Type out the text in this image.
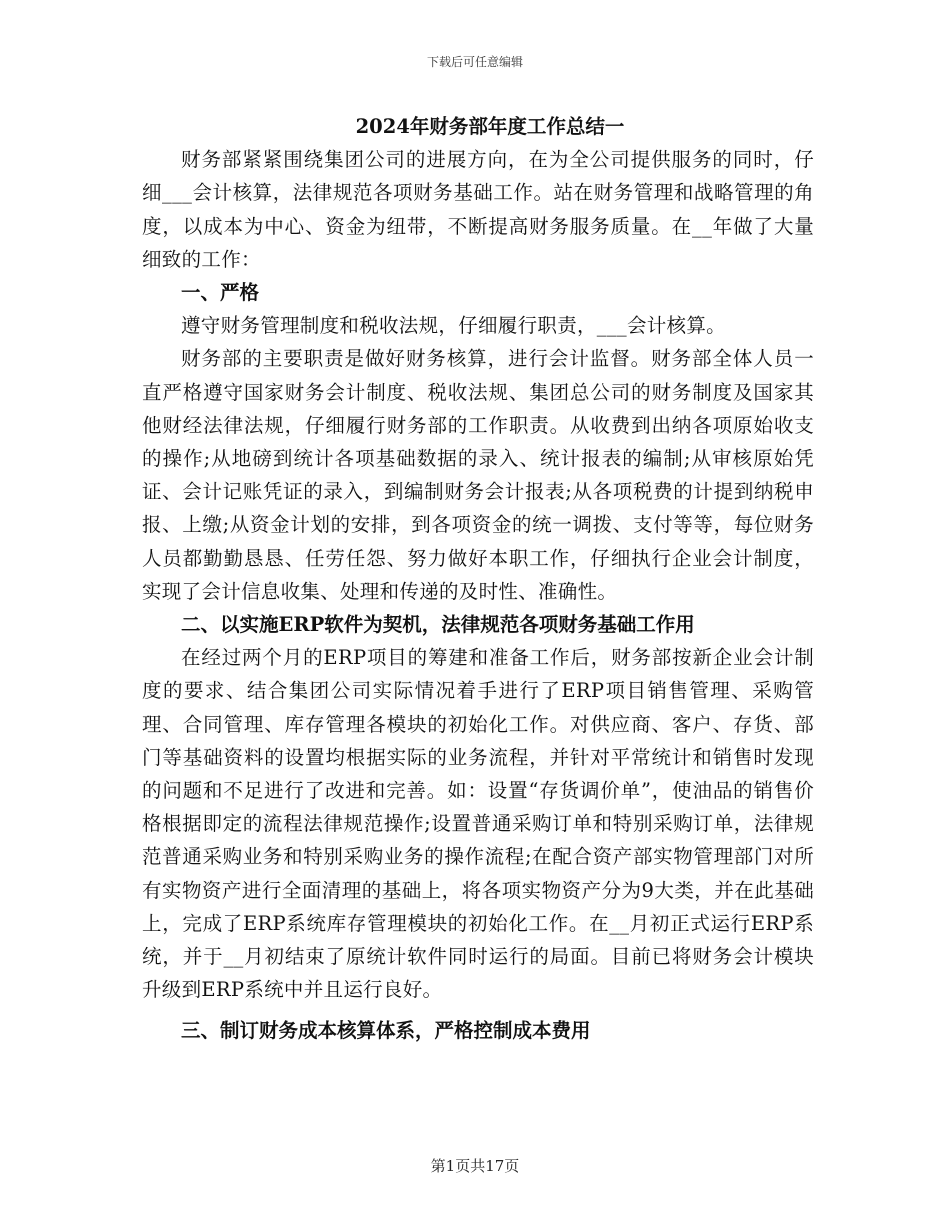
下载后可任意编辑

2024年财务部年度工作总结一

财务部紧紧围绕集团公司的进展方向，在为全公司提供服务的同时，仔细___会计核算，法律规范各项财务基础工作。站在财务管理和战略管理的角度，以成本为中心、资金为纽带，不断提高财务服务质量。在__年做了大量细致的工作：

一、严格

遵守财务管理制度和税收法规，仔细履行职责，___会计核算。

财务部的主要职责是做好财务核算，进行会计监督。财务部全体人员一直严格遵守国家财务会计制度、税收法规、集团总公司的财务制度及国家其他财经法律法规，仔细履行财务部的工作职责。从收费到出纳各项原始收支的操作;从地磅到统计各项基础数据的录入、统计报表的编制;从审核原始凭证、会计记账凭证的录入，到编制财务会计报表;从各项税费的计提到纳税申报、上缴;从资金计划的安排，到各项资金的统一调拨、支付等等，每位财务人员都勤勤恳恳、任劳任怨、努力做好本职工作，仔细执行企业会计制度，实现了会计信息收集、处理和传递的及时性、准确性。

二、以实施ERP软件为契机，法律规范各项财务基础工作用

在经过两个月的ERP项目的筹建和准备工作后，财务部按新企业会计制度的要求、结合集团公司实际情况着手进行了ERP项目销售管理、采购管理、合同管理、库存管理各模块的初始化工作。对供应商、客户、存货、部门等基础资料的设置均根据实际的业务流程，并针对平常统计和销售时发现的问题和不足进行了改进和完善。如：设置“存货调价单”，使油品的销售价格根据即定的流程法律规范操作;设置普通采购订单和特别采购订单，法律规范普通采购业务和特别采购业务的操作流程;在配合资产部实物管理部门对所有实物资产进行全面清理的基础上，将各项实物资产分为9大类，并在此基础上，完成了ERP系统库存管理模块的初始化工作。在__月初正式运行ERP系统，并于__月初结束了原统计软件同时运行的局面。目前已将财务会计模块升级到ERP系统中并且运行良好。

三、制订财务成本核算体系，严格控制成本费用

第1页共17页
